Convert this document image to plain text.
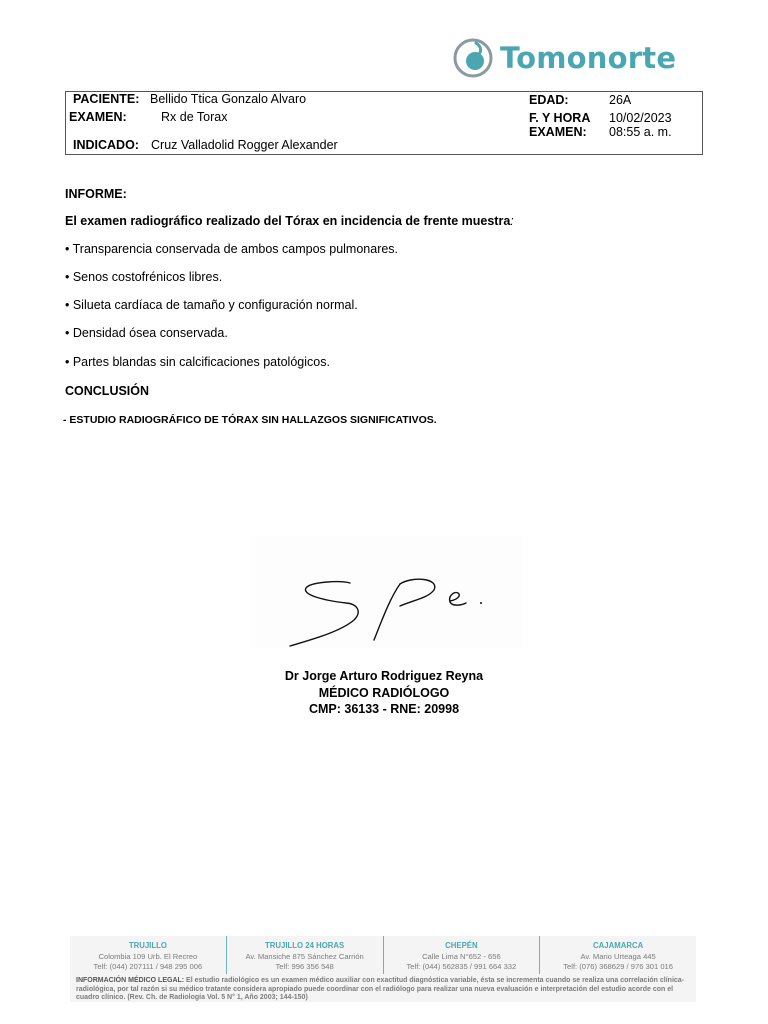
Tomonorte
PACIENTE: Bellido Ttica Gonzalo Alvaro
EXAMEN:	Rx de Torax
INDICADO: Cruz Valladolid Rogger Alexander
EDAD:	26A
F. Y HORA
EXAMEN:
10/02/2023
08:55 a. m.
INFORME:
El examen radiográfico realizado del Tórax en incidencia de frente muestra:
• Transparencia conservada de ambos campos pulmonares.
• Senos costofrénicos libres.
• Silueta cardíaca de tamaño y configuración normal.
• Densidad ósea conservada.
• Partes blandas sin calcificaciones patológicos.
CONCLUSIÓN
- ESTUDIO RADIOGRÁFICO DE TÓRAX SIN HALLAZGOS SIGNIFICATIVOS.
Dr Jorge Arturo Rodriguez Reyna
MÉDICO RADIÓLOGO
CMP: 36133 - RNE: 20998
TRUJILLO
Colombia 109 Urb. El Recreo
Telf: (044) 207111 / 948 295 006
TRUJILLO 24 HORAS
Av. Mansiche 875 Sánchez Carrión
Telf: 996 356 548
CHEPÉN
Calle Lima N°652 - 656
Telf: (044) 562835 / 991 664 332
CAJAMARCA
Av. Mario Urteaga 445
Telf: (076) 368629 / 976 301 016
INFORMACIÓN MÉDICO LEGAL: El estudio radiológico es un examen médico auxiliar con exactitud diagnóstica variable, ésta se incrementa cuando se realiza una correlación clínica-radiológica, por tal razón si su médico tratante considera apropiado puede coordinar con el radiólogo para realizar una nueva evaluación e interpretación del estudio acorde con el cuadro clínico. (Rev. Ch. de Radiología Vol. 5 N° 1, Año 2003; 144-150)
